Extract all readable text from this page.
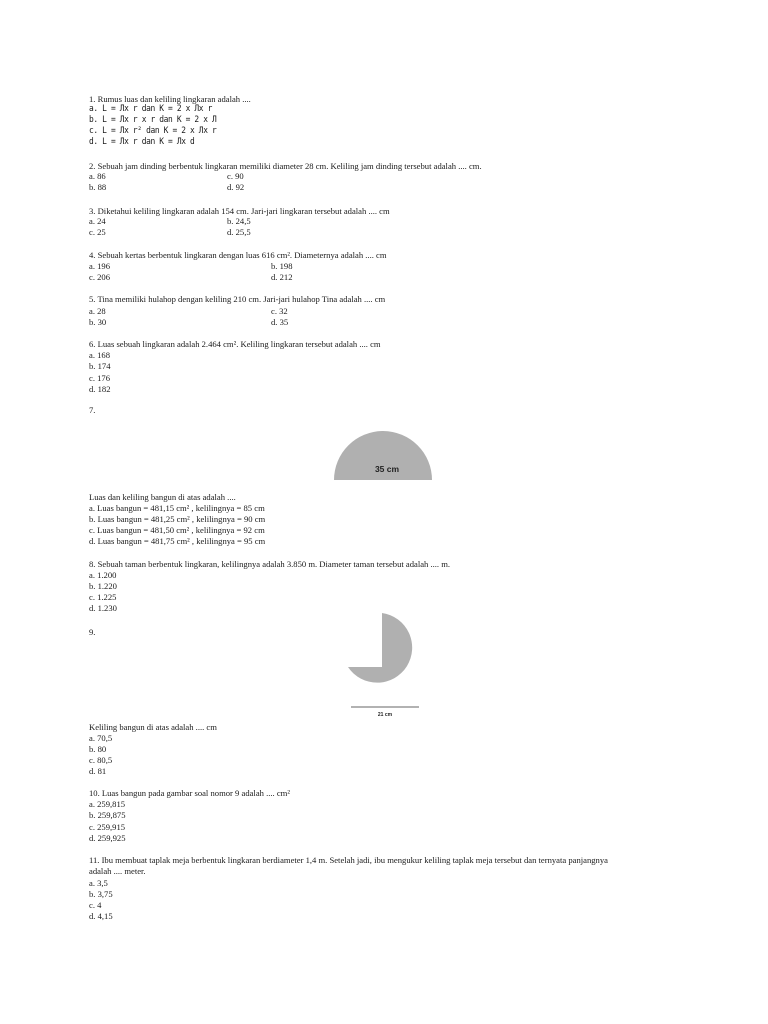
1. Rumus luas dan keliling lingkaran adalah ....
a. L = Лx r dan K = 2 x Лx r
b. L = Лx r x r dan K = 2 x Л
c. L = Лx r² dan K = 2 x Лx r
d. L = Лx r dan K = Лx d
2. Sebuah jam dinding berbentuk lingkaran memiliki diameter 28 cm. Keliling jam dinding tersebut adalah .... cm.
a. 86	c. 90
b. 88	d. 92
3. Diketahui keliling lingkaran adalah 154 cm. Jari-jari lingkaran tersebut adalah .... cm
a. 24	b. 24,5
c. 25	d. 25,5
4. Sebuah kertas berbentuk lingkaran dengan luas 616 cm². Diameternya adalah .... cm
a. 196	b. 198
c. 206	d. 212
5. Tina memiliki hulahop dengan keliling 210 cm. Jari-jari hulahop Tina adalah .... cm
a. 28	c. 32
b. 30	d. 35
6. Luas sebuah lingkaran adalah 2.464 cm². Keliling lingkaran tersebut adalah .... cm
a. 168
b. 174
c. 176
d. 182
7.
35 cm
Luas dan keliling bangun di atas adalah ....
a. Luas bangun = 481,15 cm² , kelilingnya = 85 cm
b. Luas bangun = 481,25 cm² , kelilingnya = 90 cm
c. Luas bangun = 481,50 cm² , kelilingnya = 92 cm
d. Luas bangun = 481,75 cm² , kelilingnya = 95 cm
8. Sebuah taman berbentuk lingkaran, kelilingnya adalah 3.850 m. Diameter taman tersebut adalah .... m.
a. 1.200
b. 1.220
c. 1.225
d. 1.230
9.
21 cm
Keliling bangun di atas adalah .... cm
a. 70,5
b. 80
c. 80,5
d. 81
10. Luas bangun pada gambar soal nomor 9 adalah .... cm²
a. 259,815
b. 259,875
c. 259,915
d. 259,925
11. Ibu membuat taplak meja berbentuk lingkaran berdiameter 1,4 m. Setelah jadi, ibu mengukur keliling taplak meja tersebut dan ternyata panjangnya
adalah .... meter.
a. 3,5
b. 3,75
c. 4
d. 4,15
